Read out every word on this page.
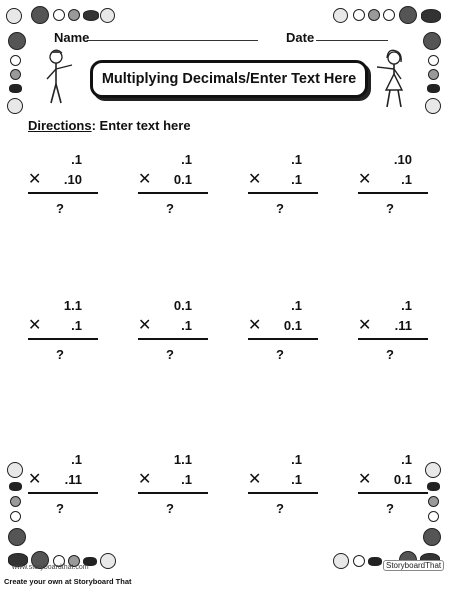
Name	Date
Multiplying Decimals/Enter Text Here
Directions: Enter text here
.1
✕ .10
?
.1
✕ 0.1
?
.1
✕ .1
?
.10
✕ .1
?
1.1
✕ .1
?
0.1
✕ .1
?
.1
✕ 0.1
?
.1
✕ .11
?
.1
✕ .11
?
1.1
✕ .1
?
.1
✕ .1
?
.1
✕ 0.1
?
www.storyboardthat.com	StoryboardThat
Create your own at Storyboard That
